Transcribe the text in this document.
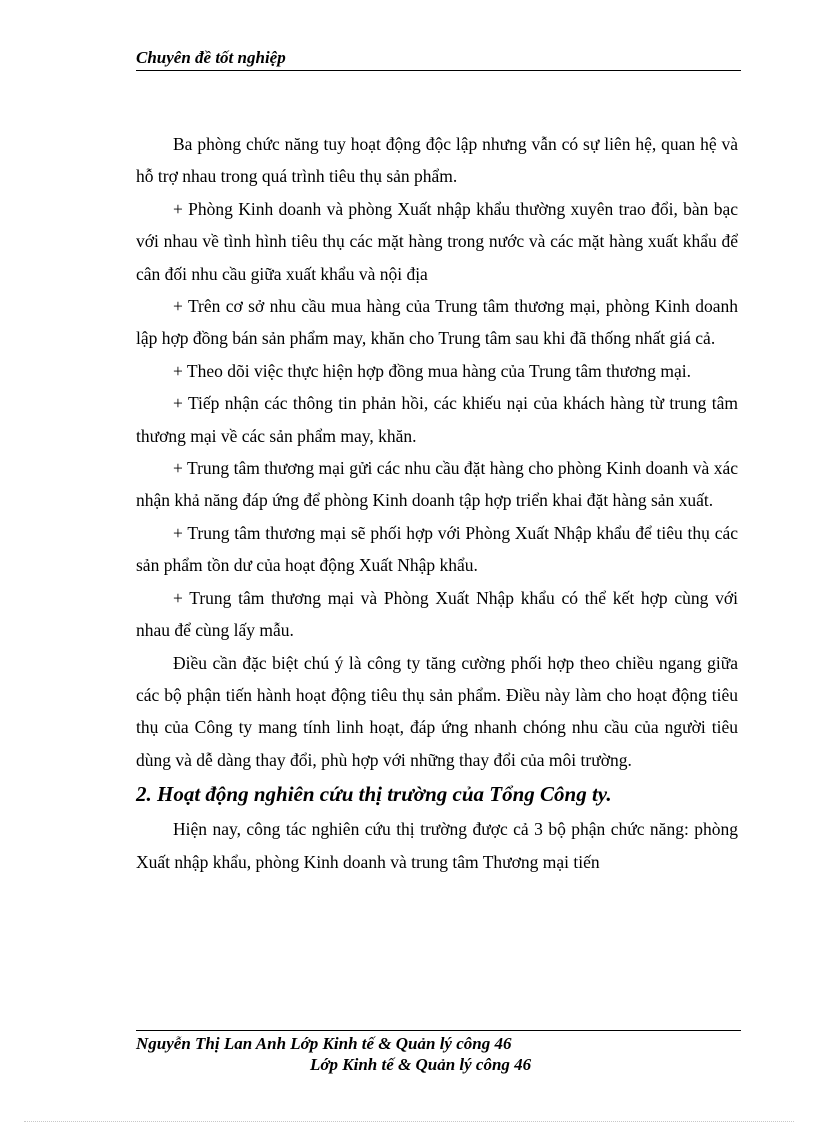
Chuyên đề tốt nghiệp

Ba phòng chức năng tuy hoạt động độc lập nhưng vẫn có sự liên hệ, quan hệ và hỗ trợ nhau trong quá trình tiêu thụ sản phẩm.

+ Phòng Kinh doanh và phòng Xuất nhập khẩu thường xuyên trao đổi, bàn bạc với nhau về tình hình tiêu thụ các mặt hàng trong nước và các mặt hàng xuất khẩu để cân đối nhu cầu giữa xuất khẩu và nội địa

+ Trên cơ sở nhu cầu mua hàng của Trung tâm thương mại, phòng Kinh doanh lập hợp đồng bán sản phẩm may, khăn cho Trung tâm sau khi đã thống nhất giá cả.

+ Theo dõi việc thực hiện hợp đồng mua hàng của Trung tâm thương mại.

+ Tiếp nhận các thông tin phản hồi, các khiếu nại của khách hàng từ trung tâm thương mại về các sản phẩm may, khăn.

+ Trung tâm thương mại gửi các nhu cầu đặt hàng cho phòng Kinh doanh và xác nhận khả năng đáp ứng để phòng Kinh doanh tập hợp triển khai đặt hàng sản xuất.

+ Trung tâm thương mại sẽ phối hợp với Phòng Xuất Nhập khẩu để tiêu thụ các sản phẩm tồn dư của hoạt động Xuất Nhập khẩu.

+ Trung tâm thương mại và Phòng Xuất Nhập khẩu có thể kết hợp cùng với nhau để cùng lấy mẫu.

Điều cần đặc biệt chú ý là công ty tăng cường phối hợp theo chiều ngang giữa các bộ phận tiến hành hoạt động tiêu thụ sản phẩm. Điều này làm cho hoạt động tiêu thụ của Công ty mang tính linh hoạt, đáp ứng nhanh chóng nhu cầu của người tiêu dùng và dễ dàng thay đổi, phù hợp với những thay đổi của môi trường.

2. Hoạt động nghiên cứu thị trường của Tổng Công ty.

Hiện nay, công tác nghiên cứu thị trường được cả 3 bộ phận chức năng: phòng Xuất nhập khẩu, phòng Kinh doanh và trung tâm Thương mại tiến

Nguyễn Thị Lan Anh Lớp Kinh tế & Quản lý công 46
Lớp Kinh tế & Quản lý công 46
